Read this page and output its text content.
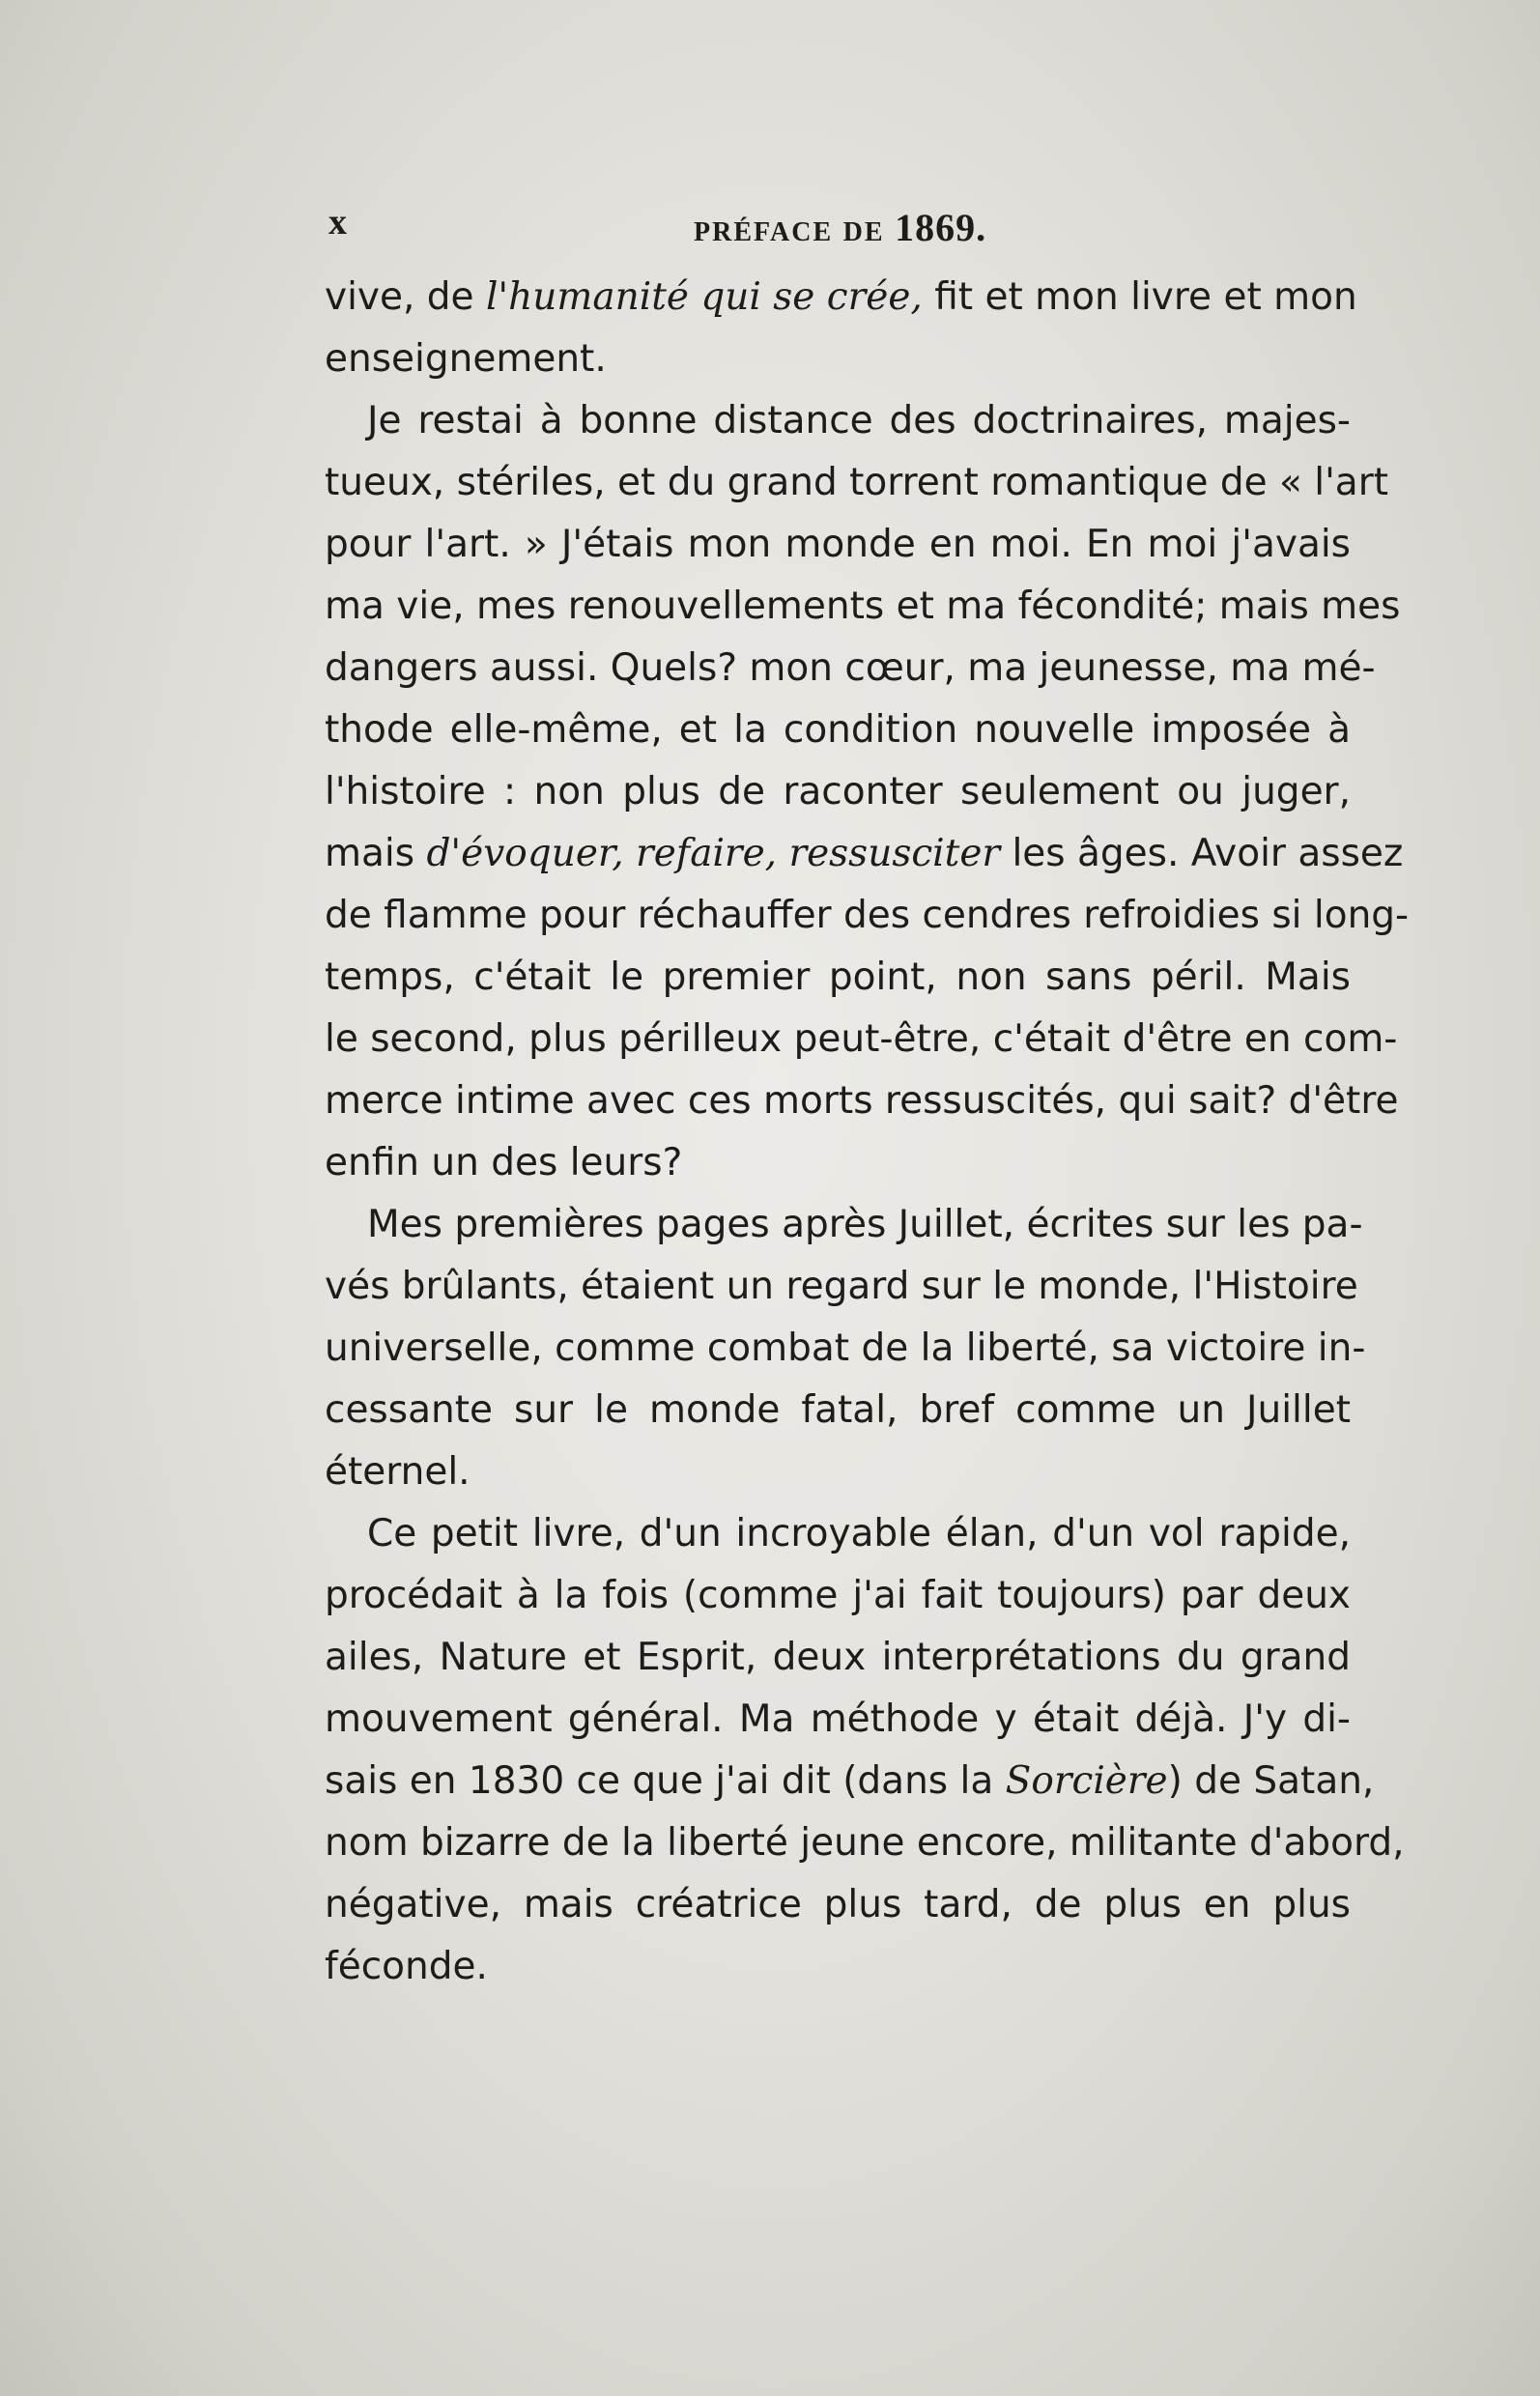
x	PRÉFACE DE 1869.
vive, de l'humanité qui se crée, fit et mon livre et mon
enseignement.
Je restai à bonne distance des doctrinaires, majes-
tueux, stériles, et du grand torrent romantique de « l'art
pour l'art. » J'étais mon monde en moi. En moi j'avais
ma vie, mes renouvellements et ma fécondité; mais mes
dangers aussi. Quels? mon cœur, ma jeunesse, ma mé-
thode elle-même, et la condition nouvelle imposée à
l'histoire : non plus de raconter seulement ou juger,
mais d'évoquer, refaire, ressusciter les âges. Avoir assez
de flamme pour réchauffer des cendres refroidies si long-
temps, c'était le premier point, non sans péril. Mais
le second, plus périlleux peut-être, c'était d'être en com-
merce intime avec ces morts ressuscités, qui sait? d'être
enfin un des leurs?
Mes premières pages après Juillet, écrites sur les pa-
vés brûlants, étaient un regard sur le monde, l'Histoire
universelle, comme combat de la liberté, sa victoire in-
cessante sur le monde fatal, bref comme un Juillet
éternel.
Ce petit livre, d'un incroyable élan, d'un vol rapide,
procédait à la fois (comme j'ai fait toujours) par deux
ailes, Nature et Esprit, deux interprétations du grand
mouvement général. Ma méthode y était déjà. J'y di-
sais en 1830 ce que j'ai dit (dans la Sorcière) de Satan,
nom bizarre de la liberté jeune encore, militante d'abord,
négative, mais créatrice plus tard, de plus en plus
féconde.
